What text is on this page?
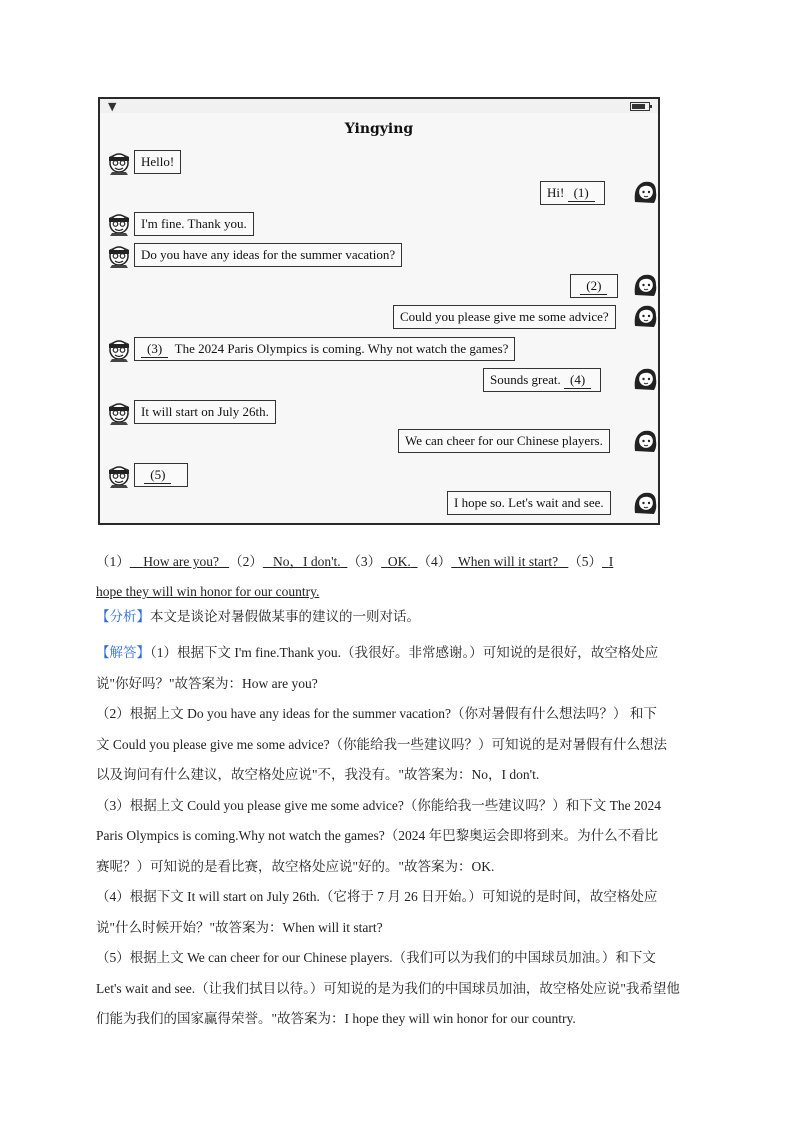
▼
Yingying
Hello!
Hi! (1)
I'm fine. Thank you.
Do you have any ideas for the summer vacation?
(2)
Could you please give me some advice?
(3) The 2024 Paris Olympics is coming. Why not watch the games?
Sounds great. (4)
It will start on July 26th.
We can cheer for our Chinese players.
(5)
I hope so. Let's wait and see.
（1） How are you? （2） No，I don't. （3） OK. （4） When will it start? （5） I
hope they will win honor for our country.
【分析】本文是谈论对暑假做某事的建议的一则对话。
【解答】（1）根据下文 I'm fine.Thank you.（我很好。非常感谢。）可知说的是很好，故空格处应
说"你好吗？"故答案为：How are you?
（2）根据上文 Do you have any ideas for the summer vacation?（你对暑假有什么想法吗？） 和下
文 Could you please give me some advice?（你能给我一些建议吗？）可知说的是对暑假有什么想法
以及询问有什么建议，故空格处应说"不，我没有。"故答案为：No，I don't.
（3）根据上文 Could you please give me some advice?（你能给我一些建议吗？）和下文 The 2024
Paris Olympics is coming.Why not watch the games?（2024 年巴黎奥运会即将到来。为什么不看比
赛呢？）可知说的是看比赛，故空格处应说"好的。"故答案为：OK.
（4）根据下文 It will start on July 26th.（它将于 7 月 26 日开始。）可知说的是时间，故空格处应
说"什么时候开始？"故答案为：When will it start?
（5）根据上文 We can cheer for our Chinese players.（我们可以为我们的中国球员加油。）和下文
Let's wait and see.（让我们拭目以待。）可知说的是为我们的中国球员加油，故空格处应说"我希望他
们能为我们的国家赢得荣誉。"故答案为：I hope they will win honor for our country.
